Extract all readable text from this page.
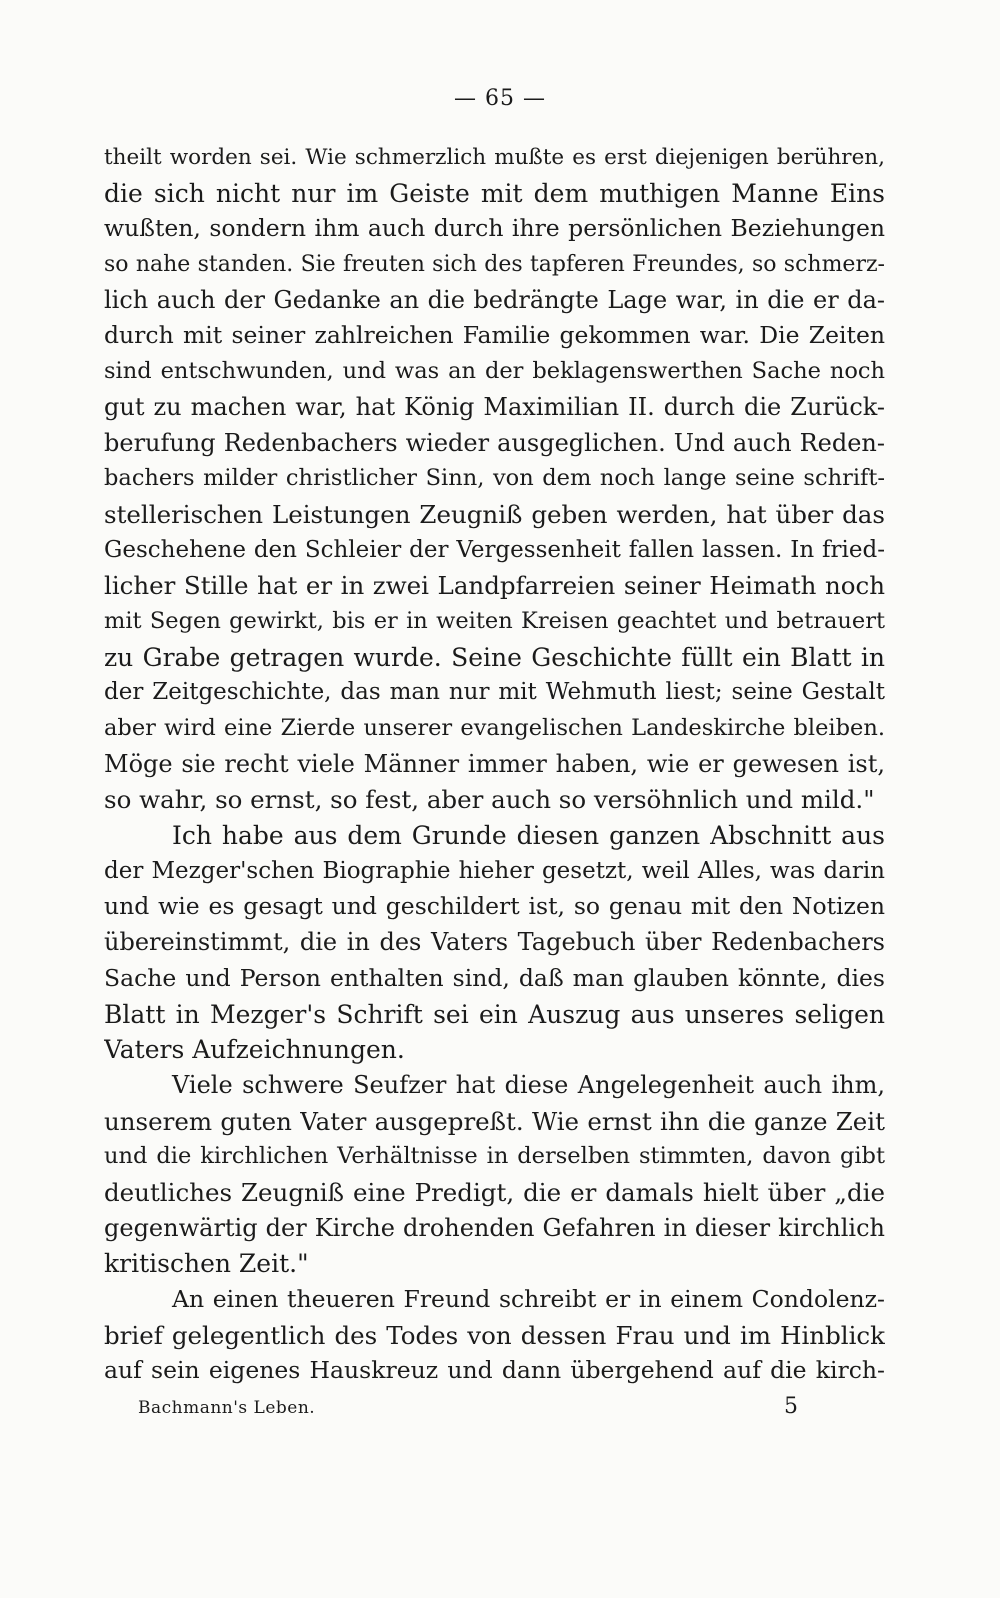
— 65 —
theilt worden sei. Wie schmerzlich mußte es erst diejenigen berühren,
die sich nicht nur im Geiste mit dem muthigen Manne Eins
wußten, sondern ihm auch durch ihre persönlichen Beziehungen
so nahe standen. Sie freuten sich des tapferen Freundes, so schmerz-
lich auch der Gedanke an die bedrängte Lage war, in die er da-
durch mit seiner zahlreichen Familie gekommen war. Die Zeiten
sind entschwunden, und was an der beklagenswerthen Sache noch
gut zu machen war, hat König Maximilian II. durch die Zurück-
berufung Redenbachers wieder ausgeglichen. Und auch Reden-
bachers milder christlicher Sinn, von dem noch lange seine schrift-
stellerischen Leistungen Zeugniß geben werden, hat über das
Geschehene den Schleier der Vergessenheit fallen lassen. In fried-
licher Stille hat er in zwei Landpfarreien seiner Heimath noch
mit Segen gewirkt, bis er in weiten Kreisen geachtet und betrauert
zu Grabe getragen wurde. Seine Geschichte füllt ein Blatt in
der Zeitgeschichte, das man nur mit Wehmuth liest; seine Gestalt
aber wird eine Zierde unserer evangelischen Landeskirche bleiben.
Möge sie recht viele Männer immer haben, wie er gewesen ist,
so wahr, so ernst, so fest, aber auch so versöhnlich und mild."
Ich habe aus dem Grunde diesen ganzen Abschnitt aus
der Mezger'schen Biographie hieher gesetzt, weil Alles, was darin
und wie es gesagt und geschildert ist, so genau mit den Notizen
übereinstimmt, die in des Vaters Tagebuch über Redenbachers
Sache und Person enthalten sind, daß man glauben könnte, dies
Blatt in Mezger's Schrift sei ein Auszug aus unseres seligen
Vaters Aufzeichnungen.
Viele schwere Seufzer hat diese Angelegenheit auch ihm,
unserem guten Vater ausgepreßt. Wie ernst ihn die ganze Zeit
und die kirchlichen Verhältnisse in derselben stimmten, davon gibt
deutliches Zeugniß eine Predigt, die er damals hielt über „die
gegenwärtig der Kirche drohenden Gefahren in dieser kirchlich
kritischen Zeit."
An einen theueren Freund schreibt er in einem Condolenz-
brief gelegentlich des Todes von dessen Frau und im Hinblick
auf sein eigenes Hauskreuz und dann übergehend auf die kirch-
Bachmann's Leben.	5
